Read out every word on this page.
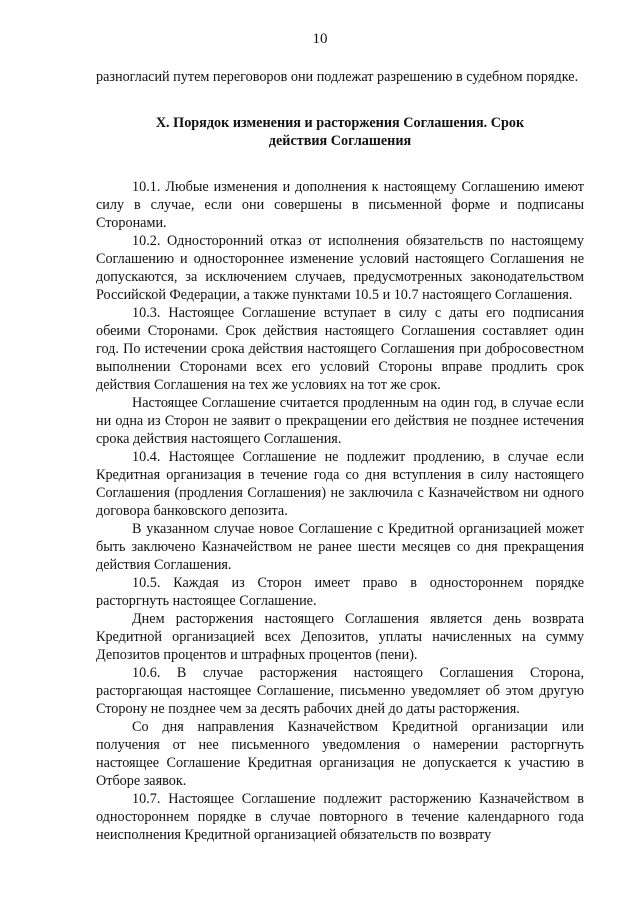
10

разногласий путем переговоров они подлежат разрешению в судебном порядке.

X. Порядок изменения и расторжения Соглашения. Срок действия Соглашения

10.1. Любые изменения и дополнения к настоящему Соглашению имеют силу в случае, если они совершены в письменной форме и подписаны Сторонами.

10.2. Односторонний отказ от исполнения обязательств по настоящему Соглашению и одностороннее изменение условий настоящего Соглашения не допускаются, за исключением случаев, предусмотренных законодательством Российской Федерации, а также пунктами 10.5 и 10.7 настоящего Соглашения.

10.3. Настоящее Соглашение вступает в силу с даты его подписания обеими Сторонами. Срок действия настоящего Соглашения составляет один год. По истечении срока действия настоящего Соглашения при добросовестном выполнении Сторонами всех его условий Стороны вправе продлить срок действия Соглашения на тех же условиях на тот же срок.

Настоящее Соглашение считается продленным на один год, в случае если ни одна из Сторон не заявит о прекращении его действия не позднее истечения срока действия настоящего Соглашения.

10.4. Настоящее Соглашение не подлежит продлению, в случае если Кредитная организация в течение года со дня вступления в силу настоящего Соглашения (продления Соглашения) не заключила с Казначейством ни одного договора банковского депозита.

В указанном случае новое Соглашение с Кредитной организацией может быть заключено Казначейством не ранее шести месяцев со дня прекращения действия Соглашения.

10.5. Каждая из Сторон имеет право в одностороннем порядке расторгнуть настоящее Соглашение.

Днем расторжения настоящего Соглашения является день возврата Кредитной организацией всех Депозитов, уплаты начисленных на сумму Депозитов процентов и штрафных процентов (пени).

10.6. В случае расторжения настоящего Соглашения Сторона, расторгающая настоящее Соглашение, письменно уведомляет об этом другую Сторону не позднее чем за десять рабочих дней до даты расторжения.

Со дня направления Казначейством Кредитной организации или получения от нее письменного уведомления о намерении расторгнуть настоящее Соглашение Кредитная организация не допускается к участию в Отборе заявок.

10.7. Настоящее Соглашение подлежит расторжению Казначейством в одностороннем порядке в случае повторного в течение календарного года неисполнения Кредитной организацией обязательств по возврату
